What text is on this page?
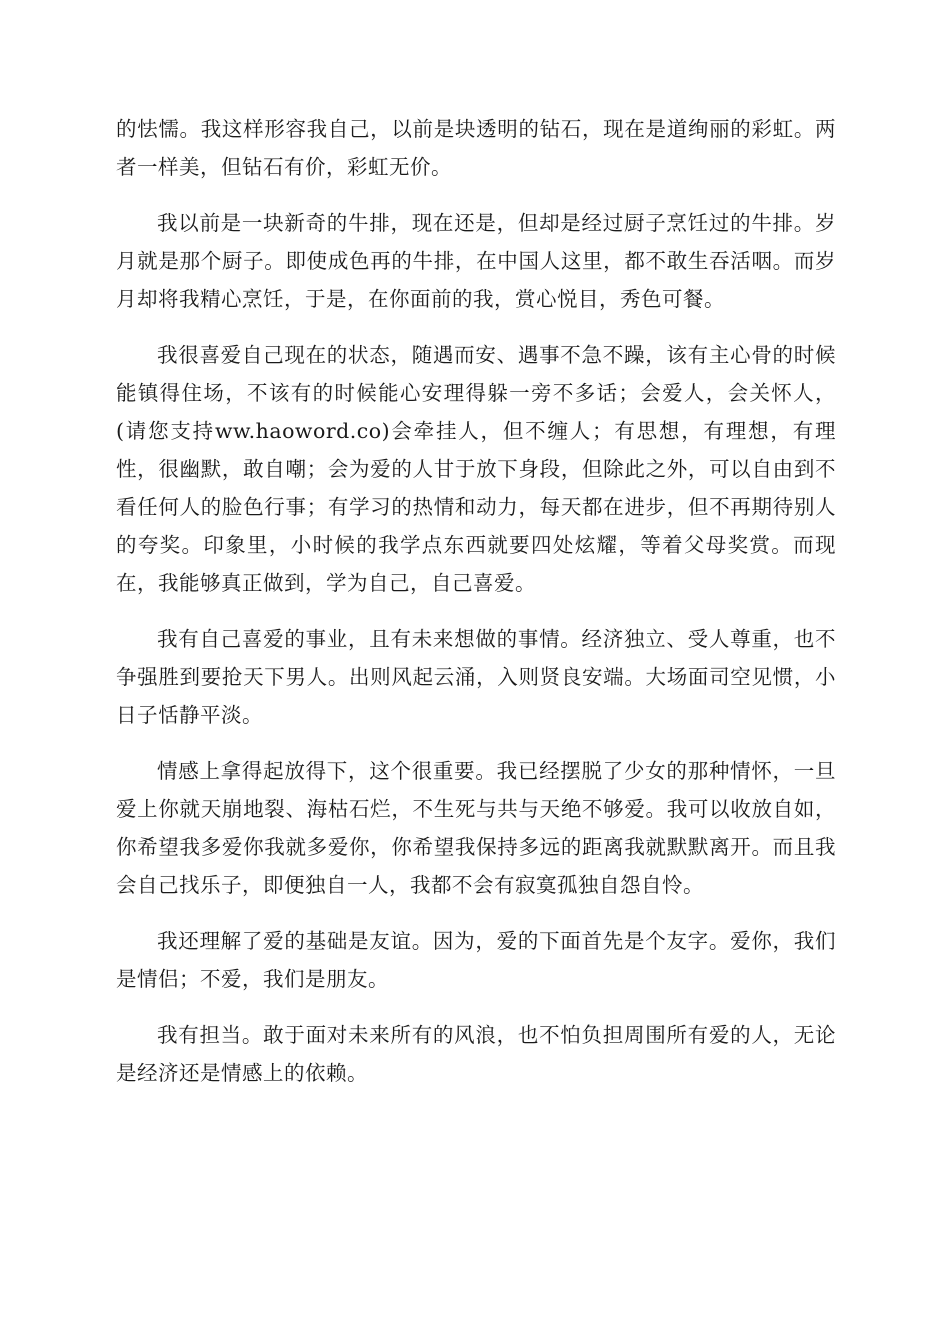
的怯懦。我这样形容我自己，以前是块透明的钻石，现在是道绚丽的彩虹。两者一样美，但钻石有价，彩虹无价。

我以前是一块新奇的牛排，现在还是，但却是经过厨子烹饪过的牛排。岁月就是那个厨子。即使成色再的牛排，在中国人这里，都不敢生吞活咽。而岁月却将我精心烹饪，于是，在你面前的我，赏心悦目，秀色可餐。

我很喜爱自己现在的状态，随遇而安、遇事不急不躁，该有主心骨的时候能镇得住场，不该有的时候能心安理得躲一旁不多话；会爱人，会关怀人，(请您支持ww.haoword.co)会牵挂人，但不缠人；有思想，有理想，有理性，很幽默，敢自嘲；会为爱的人甘于放下身段，但除此之外，可以自由到不看任何人的脸色行事；有学习的热情和动力，每天都在进步，但不再期待别人的夸奖。印象里，小时候的我学点东西就要四处炫耀，等着父母奖赏。而现在，我能够真正做到，学为自己，自己喜爱。

我有自己喜爱的事业，且有未来想做的事情。经济独立、受人尊重，也不争强胜到要抢天下男人。出则风起云涌，入则贤良安端。大场面司空见惯，小日子恬静平淡。

情感上拿得起放得下，这个很重要。我已经摆脱了少女的那种情怀，一旦爱上你就天崩地裂、海枯石烂，不生死与共与天绝不够爱。我可以收放自如，你希望我多爱你我就多爱你，你希望我保持多远的距离我就默默离开。而且我会自己找乐子，即便独自一人，我都不会有寂寞孤独自怨自怜。

我还理解了爱的基础是友谊。因为，爱的下面首先是个友字。爱你，我们是情侣；不爱，我们是朋友。

我有担当。敢于面对未来所有的风浪，也不怕负担周围所有爱的人，无论是经济还是情感上的依赖。
